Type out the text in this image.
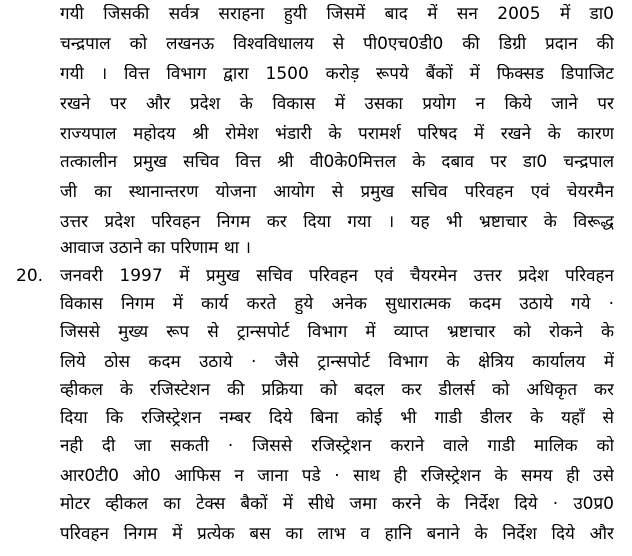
गयी जिसकी सर्वत्र सराहना हुयी जिसमें बाद में सन 2005 में डा0
चन्द्रपाल को लखनऊ विश्वविधालय से पी0एच0डी0 की डिग्री प्रदान की
गयी । वित्त विभाग द्वारा 1500 करोड़ रूपये बैंकों में फिक्सड डिपाजिट
रखने पर और प्रदेश के विकास में उसका प्रयोग न किये जाने पर
राज्यपाल महोदय श्री रोमेश भंडारी के परामर्श परिषद में रखने के कारण
तत्कालीन प्रमुख सचिव वित्त श्री वी0के0मित्तल के दबाव पर डा0 चन्द्रपाल
जी का स्थानान्तरण योजना आयोग से प्रमुख सचिव परिवहन एवं चेयरमैन
उत्तर प्रदेश परिवहन निगम कर दिया गया । यह भी भ्रष्टाचार के विरूद्ध
आवाज उठाने का परिणाम था ।
20. जनवरी 1997 में प्रमुख सचिव परिवहन एवं चैयरमेन उत्तर प्रदेश परिवहन
विकास निगम में कार्य करते हुये अनेक सुधारात्मक कदम उठाये गये ·
जिससे मुख्य रूप से ट्रान्सपोर्ट विभाग में व्याप्त भ्रष्टाचार को रोकने के
लिये ठोस कदम उठाये · जैसे ट्रान्सपोर्ट विभाग के क्षेत्रिय कार्यालय में
व्हीकल के रजिस्टेशन की प्रक्रिया को बदल कर डीलर्स को अधिकृत कर
दिया कि रजिस्ट्रेशन नम्बर दिये बिना कोई भी गाडी डीलर के यहॉं से
नही दी जा सकती · जिससे रजिस्ट्रेशन कराने वाले गाडी मालिक को
आर0टी0 ओ0 आफिस न जाना पडे · साथ ही रजिस्ट्रेशन के समय ही उसे
मोटर व्हीकल का टेक्स बैकों में सीधे जमा करने के निर्देश दिये · उ0प्र0
परिवहन निगम में प्रत्येक बस का लाभ व हानि बनाने के निर्देश दिये और
